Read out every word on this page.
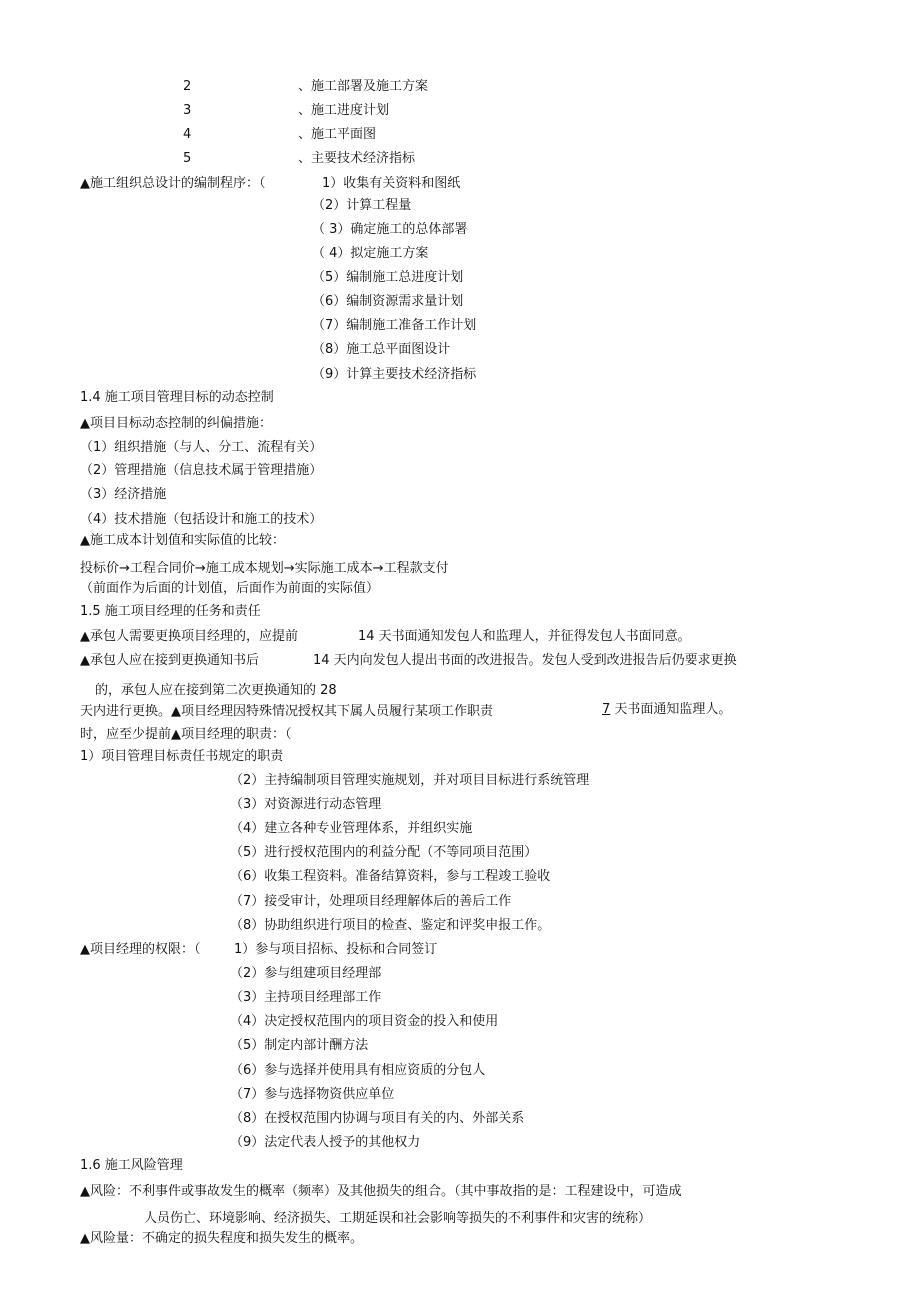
2	、施工部署及施工方案
3	、施工进度计划
4	、施工平面图
5	、主要技术经济指标
▲施工组织总设计的编制程序：（	1）收集有关资料和图纸
（2）计算工程量
（ 3）确定施工的总体部署
（ 4）拟定施工方案
（5）编制施工总进度计划
（6）编制资源需求量计划
（7）编制施工准备工作计划
（8）施工总平面图设计
（9）计算主要技术经济指标
1.4 施工项目管理目标的动态控制
▲项目目标动态控制的纠偏措施：
（1）组织措施（与人、分工、流程有关）
（2）管理措施（信息技术属于管理措施）
（3）经济措施
（4）技术措施（包括设计和施工的技术）
▲施工成本计划值和实际值的比较：
投标价→工程合同价→施工成本规划→实际施工成本→工程款支付
（前面作为后面的计划值，后面作为前面的实际值）
1.5 施工项目经理的任务和责任
▲承包人需要更换项目经理的，应提前	14 天书面通知发包人和监理人，并征得发包人书面同意。
▲承包人应在接到更换通知书后	14 天内向发包人提出书面的改进报告。发包人受到改进报告后仍要求更换
的，承包人应在接到第二次更换通知的 28
天内进行更换。▲项目经理因特殊情况授权其下属人员履行某项工作职责	7 天书面通知监理人。
时，应至少提前▲项目经理的职责：（
1）项目管理目标责任书规定的职责
（2）主持编制项目管理实施规划，并对项目目标进行系统管理
（3）对资源进行动态管理
（4）建立各种专业管理体系，并组织实施
（5）进行授权范围内的利益分配（不等同项目范围）
（6）收集工程资料。准备结算资料，参与工程竣工验收
（7）接受审计，处理项目经理解体后的善后工作
（8）协助组织进行项目的检查、鉴定和评奖申报工作。
▲项目经理的权限：（	1）参与项目招标、投标和合同签订
（2）参与组建项目经理部
（3）主持项目经理部工作
（4）决定授权范围内的项目资金的投入和使用
（5）制定内部计酬方法
（6）参与选择并使用具有相应资质的分包人
（7）参与选择物资供应单位
（8）在授权范围内协调与项目有关的内、外部关系
（9）法定代表人授予的其他权力
1.6 施工风险管理
▲风险：不利事件或事故发生的概率（频率）及其他损失的组合。（其中事故指的是：工程建设中，可造成
人员伤亡、环境影响、经济损失、工期延误和社会影响等损失的不利事件和灾害的统称）
▲风险量：不确定的损失程度和损失发生的概率。
